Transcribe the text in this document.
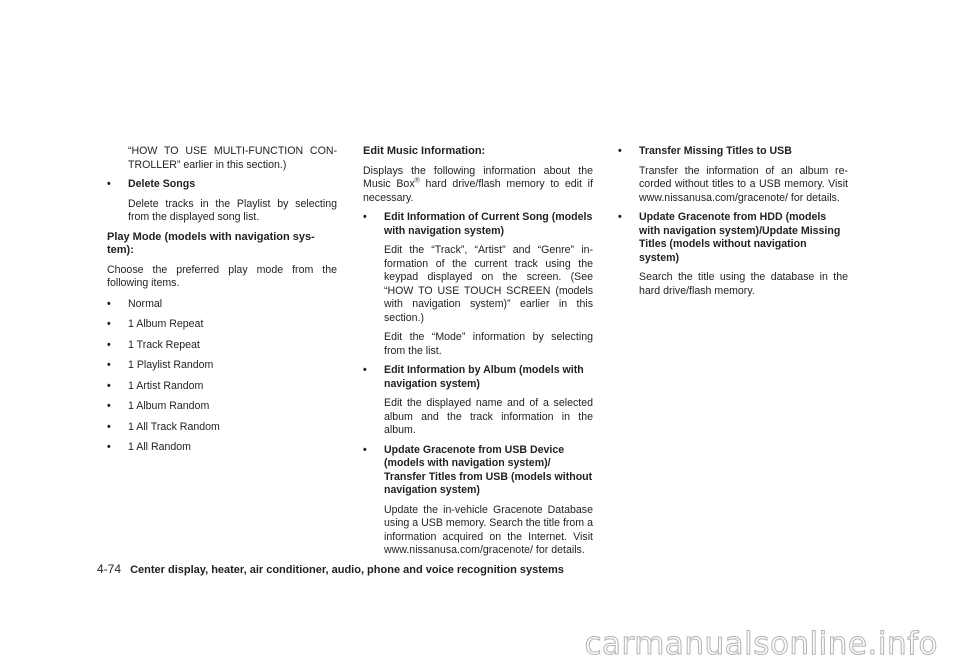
“HOW TO USE MULTI-FUNCTION CONTROLLER” earlier in this section.)

• Delete Songs

Delete tracks in the Playlist by selecting from the displayed song list.

Play Mode (models with navigation system):

Choose the preferred play mode from the following items.

• Normal
• 1 Album Repeat
• 1 Track Repeat
• 1 Playlist Random
• 1 Artist Random
• 1 Album Random
• 1 All Track Random
• 1 All Random

Edit Music Information:

Displays the following information about the Music Box® hard drive/flash memory to edit if necessary.

• Edit Information of Current Song (models with navigation system)

Edit the “Track”, “Artist” and “Genre” information of the current track using the keypad displayed on the screen. (See “HOW TO USE TOUCH SCREEN (models with navigation system)” earlier in this section.)

Edit the “Mode” information by selecting from the list.

• Edit Information by Album (models with navigation system)

Edit the displayed name and of a selected album and the track information in the album.

• Update Gracenote from USB Device (models with navigation system)/ Transfer Titles from USB (models without navigation system)

Update the in-vehicle Gracenote Database using a USB memory. Search the title from a information acquired on the Internet. Visit www.nissanusa.com/gracenote/ for details.

• Transfer Missing Titles to USB

Transfer the information of an album recorded without titles to a USB memory. Visit www.nissanusa.com/gracenote/ for details.

• Update Gracenote from HDD (models with navigation system)/Update Missing Titles (models without navigation system)

Search the title using the database in the hard drive/flash memory.

4-74 Center display, heater, air conditioner, audio, phone and voice recognition systems
carmanualsonline.info
